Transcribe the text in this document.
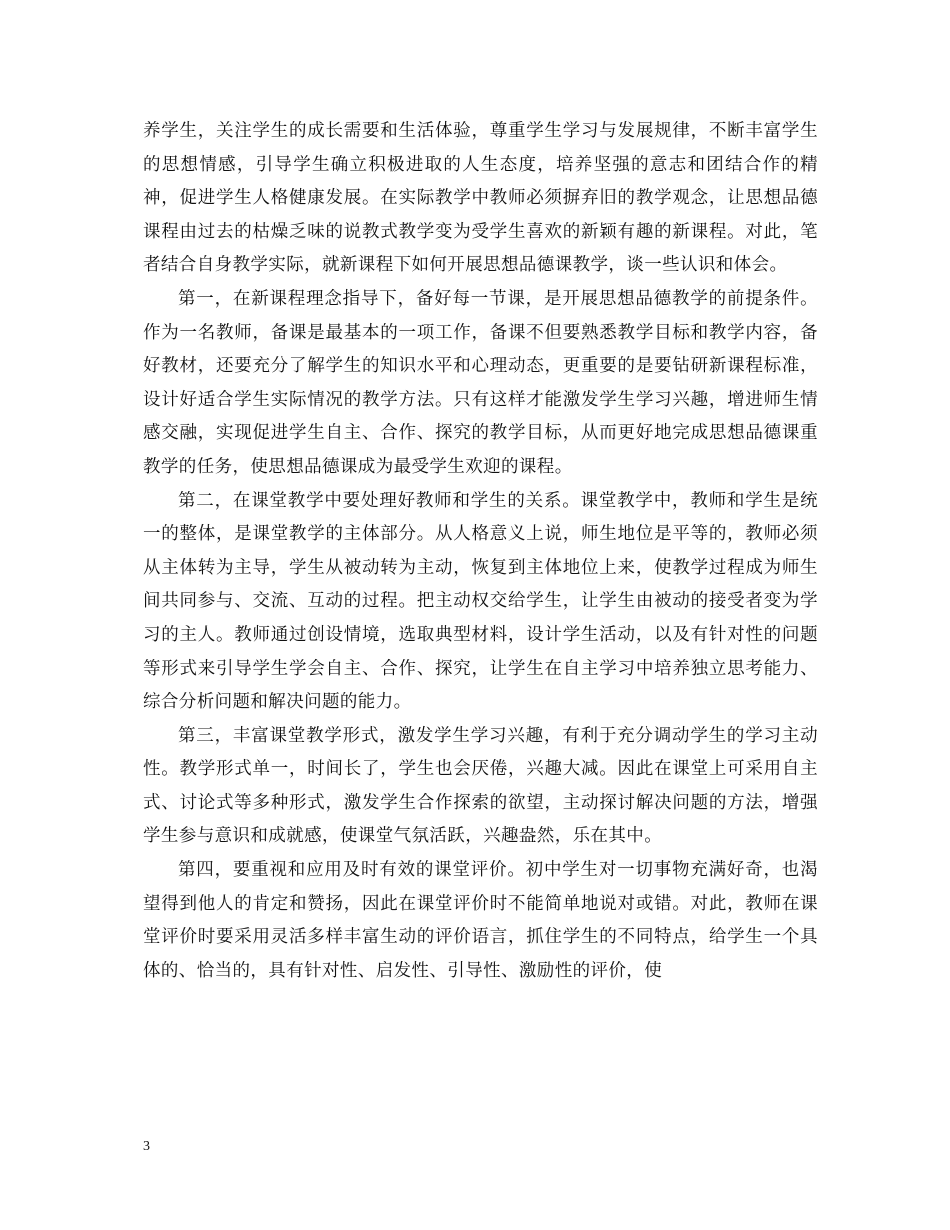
养学生，关注学生的成长需要和生活体验，尊重学生学习与发展规律，不断丰富学生的思想情感，引导学生确立积极进取的人生态度，培养坚强的意志和团结合作的精神，促进学生人格健康发展。在实际教学中教师必须摒弃旧的教学观念，让思想品德课程由过去的枯燥乏味的说教式教学变为受学生喜欢的新颖有趣的新课程。对此，笔者结合自身教学实际，就新课程下如何开展思想品德课教学，谈一些认识和体会。

第一，在新课程理念指导下，备好每一节课，是开展思想品德教学的前提条件。作为一名教师，备课是最基本的一项工作，备课不但要熟悉教学目标和教学内容，备好教材，还要充分了解学生的知识水平和心理动态，更重要的是要钻研新课程标准，设计好适合学生实际情况的教学方法。只有这样才能激发学生学习兴趣，增进师生情感交融，实现促进学生自主、合作、探究的教学目标，从而更好地完成思想品德课重教学的任务，使思想品德课成为最受学生欢迎的课程。

第二，在课堂教学中要处理好教师和学生的关系。课堂教学中，教师和学生是统一的整体，是课堂教学的主体部分。从人格意义上说，师生地位是平等的，教师必须从主体转为主导，学生从被动转为主动，恢复到主体地位上来，使教学过程成为师生间共同参与、交流、互动的过程。把主动权交给学生，让学生由被动的接受者变为学习的主人。教师通过创设情境，选取典型材料，设计学生活动，以及有针对性的问题等形式来引导学生学会自主、合作、探究，让学生在自主学习中培养独立思考能力、综合分析问题和解决问题的能力。

第三，丰富课堂教学形式，激发学生学习兴趣，有利于充分调动学生的学习主动性。教学形式单一，时间长了，学生也会厌倦，兴趣大减。因此在课堂上可采用自主式、讨论式等多种形式，激发学生合作探索的欲望，主动探讨解决问题的方法，增强学生参与意识和成就感，使课堂气氛活跃，兴趣盎然，乐在其中。

第四，要重视和应用及时有效的课堂评价。初中学生对一切事物充满好奇，也渴望得到他人的肯定和赞扬，因此在课堂评价时不能简单地说对或错。对此，教师在课堂评价时要采用灵活多样丰富生动的评价语言，抓住学生的不同特点，给学生一个具体的、恰当的，具有针对性、启发性、引导性、激励性的评价，使

3
